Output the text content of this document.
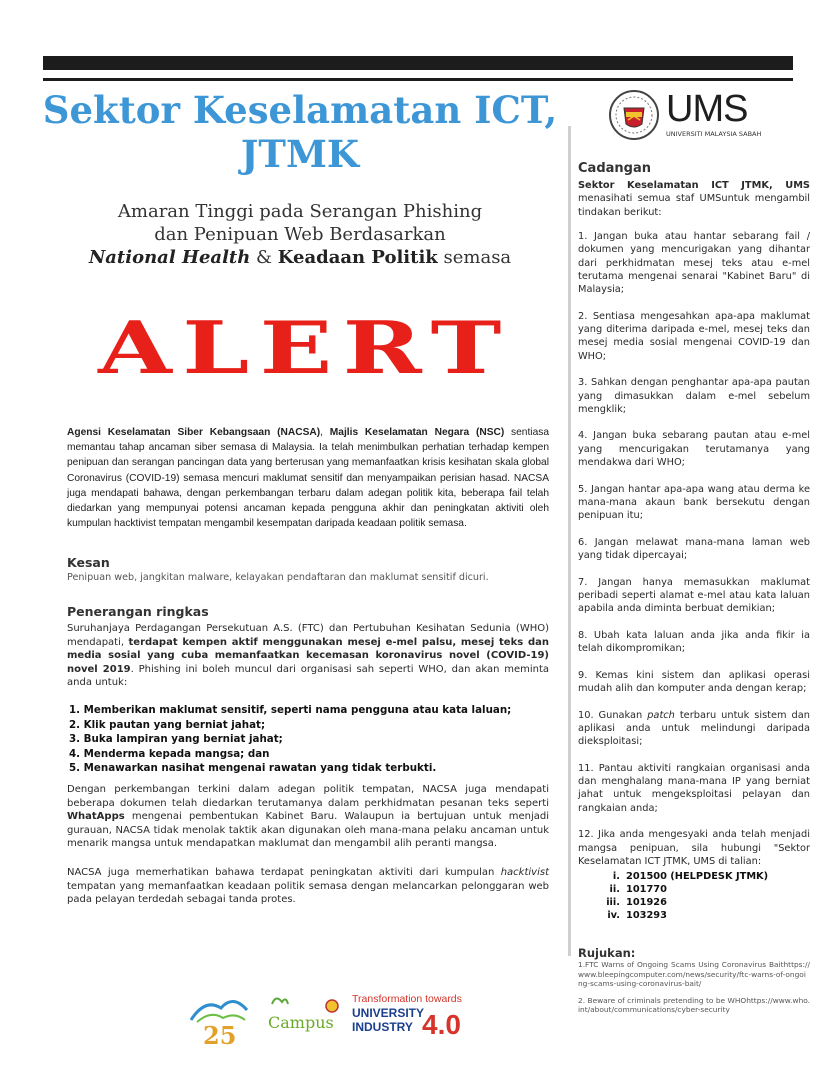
Sektor Keselamatan ICT,
JTMK
Amaran Tinggi pada Serangan Phishing
dan Penipuan Web Berdasarkan
National Health & Keadaan Politik semasa
ALERT
Agensi Keselamatan Siber Kebangsaan (NACSA), Majlis Keselamatan Negara (NSC) sentiasa memantau tahap ancaman siber semasa di Malaysia. Ia telah menimbulkan perhatian terhadap kempen penipuan dan serangan pancingan data yang berterusan yang memanfaatkan krisis kesihatan skala global Coronavirus (COVID-19) semasa mencuri maklumat sensitif dan menyampaikan perisian hasad. NACSA juga mendapati bahawa, dengan perkembangan terbaru dalam adegan politik kita, beberapa fail telah diedarkan yang mempunyai potensi ancaman kepada pengguna akhir dan peningkatan aktiviti oleh kumpulan hacktivist tempatan mengambil kesempatan daripada keadaan politik semasa.
Kesan
Penipuan web, jangkitan malware, kelayakan pendaftaran dan maklumat sensitif dicuri.
Penerangan ringkas
Suruhanjaya Perdagangan Persekutuan A.S. (FTC) dan Pertubuhan Kesihatan Sedunia (WHO) mendapati, terdapat kempen aktif menggunakan mesej e-mel palsu, mesej teks dan media sosial yang cuba memanfaatkan kecemasan koronavirus novel (COVID-19) novel 2019. Phishing ini boleh muncul dari organisasi sah seperti WHO, dan akan meminta anda untuk:
1. Memberikan maklumat sensitif, seperti nama pengguna atau kata laluan;
2. Klik pautan yang berniat jahat;
3. Buka lampiran yang berniat jahat;
4. Menderma kepada mangsa; dan
5. Menawarkan nasihat mengenai rawatan yang tidak terbukti.
Dengan perkembangan terkini dalam adegan politik tempatan, NACSA juga mendapati beberapa dokumen telah diedarkan terutamanya dalam perkhidmatan pesanan teks seperti WhatApps mengenai pembentukan Kabinet Baru. Walaupun ia bertujuan untuk menjadi gurauan, NACSA tidak menolak taktik akan digunakan oleh mana-mana pelaku ancaman untuk menarik mangsa untuk mendapatkan maklumat dan mengambil alih peranti mangsa.
NACSA juga memerhatikan bahawa terdapat peningkatan aktiviti dari kumpulan hacktivist tempatan yang memanfaatkan keadaan politik semasa dengan melancarkan pelonggaran web pada pelayan terdedah sebagai tanda protes.
UMS
UNIVERSITI MALAYSIA SABAH
Cadangan

Sektor Keselamatan ICT JTMK, UMS menasihati semua staf UMSuntuk mengambil tindakan berikut:

1. Jangan buka atau hantar sebarang fail / dokumen yang mencurigakan yang dihantar dari perkhidmatan mesej teks atau e-mel terutama mengenai senarai "Kabinet Baru" di Malaysia;

2. Sentiasa mengesahkan apa-apa maklumat yang diterima daripada e-mel, mesej teks dan mesej media sosial mengenai COVID-19 dan WHO;

3. Sahkan dengan penghantar apa-apa pautan yang dimasukkan dalam e-mel sebelum mengklik;

4. Jangan buka sebarang pautan atau e-mel yang mencurigakan terutamanya yang mendakwa dari WHO;

5. Jangan hantar apa-apa wang atau derma ke mana-mana akaun bank bersekutu dengan penipuan itu;

6. Jangan melawat mana-mana laman web yang tidak dipercayai;

7. Jangan hanya memasukkan maklumat peribadi seperti alamat e-mel atau kata laluan apabila anda diminta berbuat demikian;

8. Ubah kata laluan anda jika anda fikir ia telah dikompromikan;

9. Kemas kini sistem dan aplikasi operasi mudah alih dan komputer anda dengan kerap;

10. Gunakan patch terbaru untuk sistem dan aplikasi anda untuk melindungi daripada dieksploitasi;

11. Pantau aktiviti rangkaian organisasi anda dan menghalang mana-mana IP yang berniat jahat untuk mengeksploitasi pelayan dan rangkaian anda;

12. Jika anda mengesyaki anda telah menjadi mangsa penipuan, sila hubungi "Sektor Keselamatan ICT JTMK, UMS di talian:

i. 201500 (HELPDESK JTMK)
ii. 101770
iii. 101926
iv. 103293
Rujukan:

1.FTC Warns of Ongoing Scams Using Coronavirus Baithttps://www.bleepingcomputer.com/news/security/ftc-warns-of-ongoing-scams-using-coronavirus-bait/

2. Beware of criminals pretending to be WHOhttps://www.who.int/about/communications/cyber-security

25 Campus
Transformation towards
UNIVERSITY
INDUSTRY 4.0
